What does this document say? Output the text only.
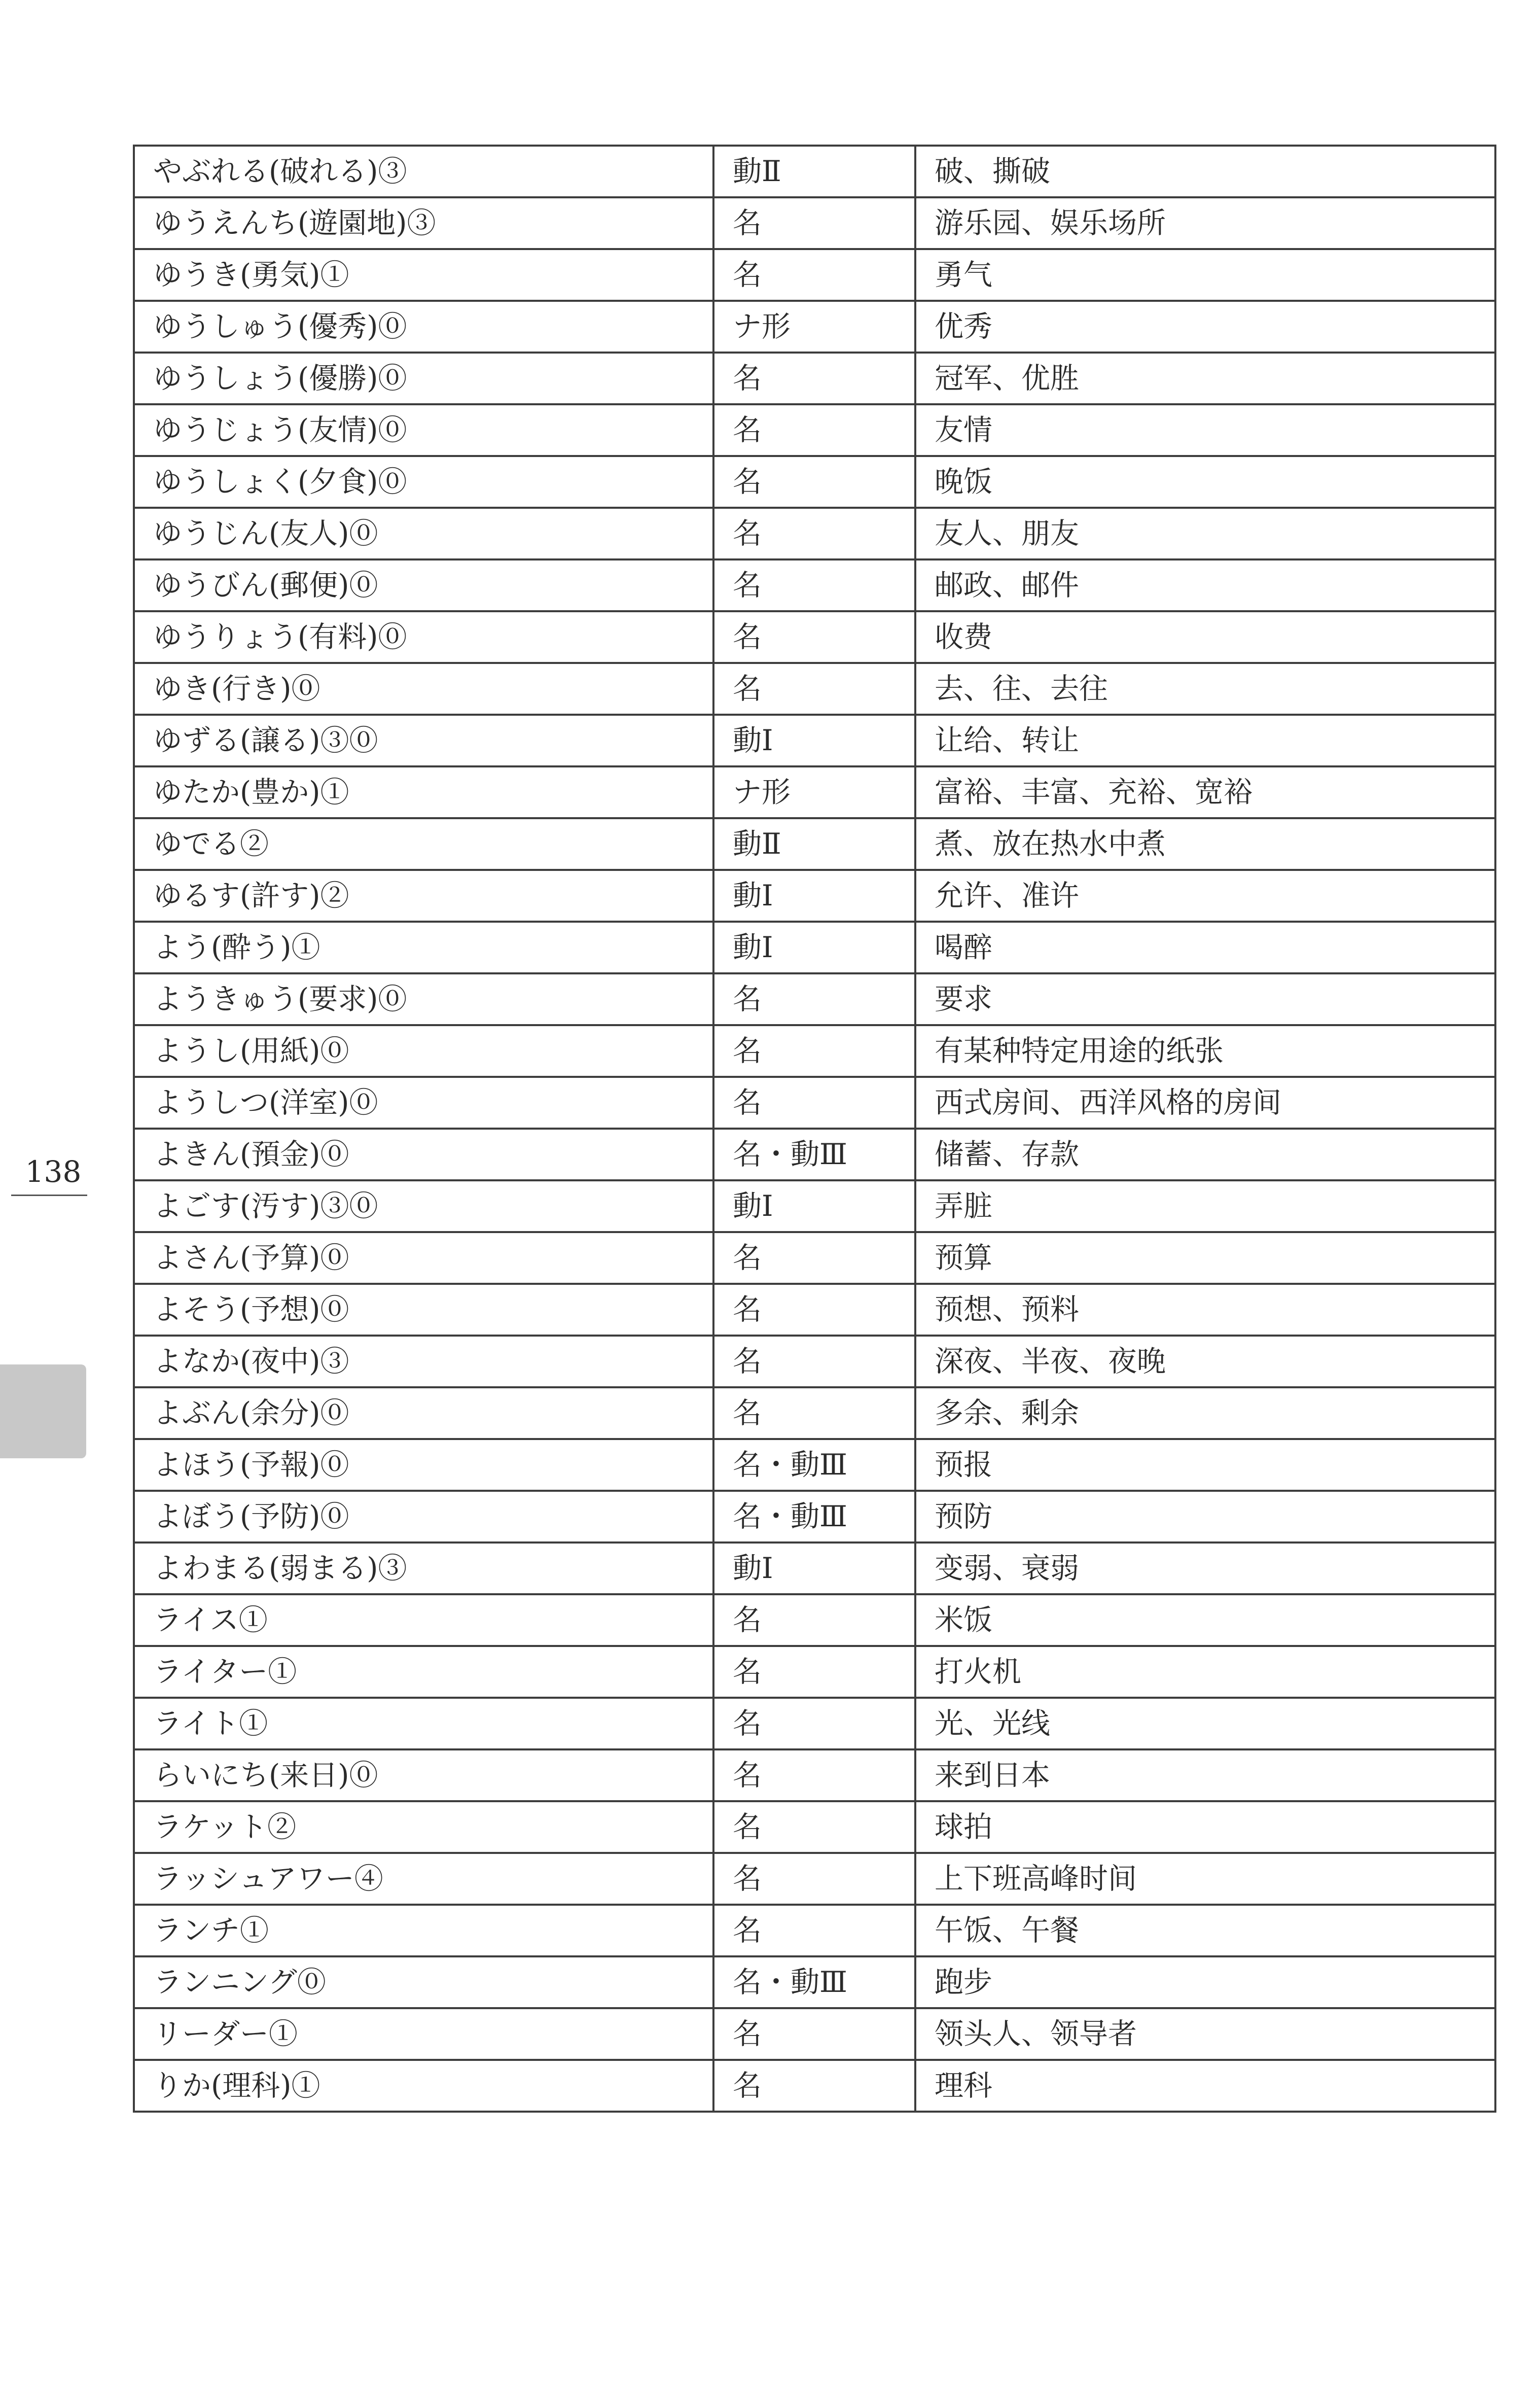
138
やぶれる(破れる)③	動Ⅱ	破、撕破
ゆうえんち(遊園地)③	名	游乐园、娱乐场所
ゆうき(勇気)①	名	勇气
ゆうしゅう(優秀)⓪	ナ形	优秀
ゆうしょう(優勝)⓪	名	冠军、优胜
ゆうじょう(友情)⓪	名	友情
ゆうしょく(夕食)⓪	名	晚饭
ゆうじん(友人)⓪	名	友人、朋友
ゆうびん(郵便)⓪	名	邮政、邮件
ゆうりょう(有料)⓪	名	收费
ゆき(行き)⓪	名	去、往、去往
ゆずる(譲る)③⓪	動Ⅰ	让给、转让
ゆたか(豊か)①	ナ形	富裕、丰富、充裕、宽裕
ゆでる②	動Ⅱ	煮、放在热水中煮
ゆるす(許す)②	動Ⅰ	允许、准许
よう(酔う)①	動Ⅰ	喝醉
ようきゅう(要求)⓪	名	要求
ようし(用紙)⓪	名	有某种特定用途的纸张
ようしつ(洋室)⓪	名	西式房间、西洋风格的房间
よきん(預金)⓪	名・動Ⅲ	储蓄、存款
よごす(汚す)③⓪	動Ⅰ	弄脏
よさん(予算)⓪	名	预算
よそう(予想)⓪	名	预想、预料
よなか(夜中)③	名	深夜、半夜、夜晚
よぶん(余分)⓪	名	多余、剩余
よほう(予報)⓪	名・動Ⅲ	预报
よぼう(予防)⓪	名・動Ⅲ	预防
よわまる(弱まる)③	動Ⅰ	变弱、衰弱
ライス①	名	米饭
ライター①	名	打火机
ライト①	名	光、光线
らいにち(来日)⓪	名	来到日本
ラケット②	名	球拍
ラッシュアワー④	名	上下班高峰时间
ランチ①	名	午饭、午餐
ランニング⓪	名・動Ⅲ	跑步
リーダー①	名	领头人、领导者
りか(理科)①	名	理科
